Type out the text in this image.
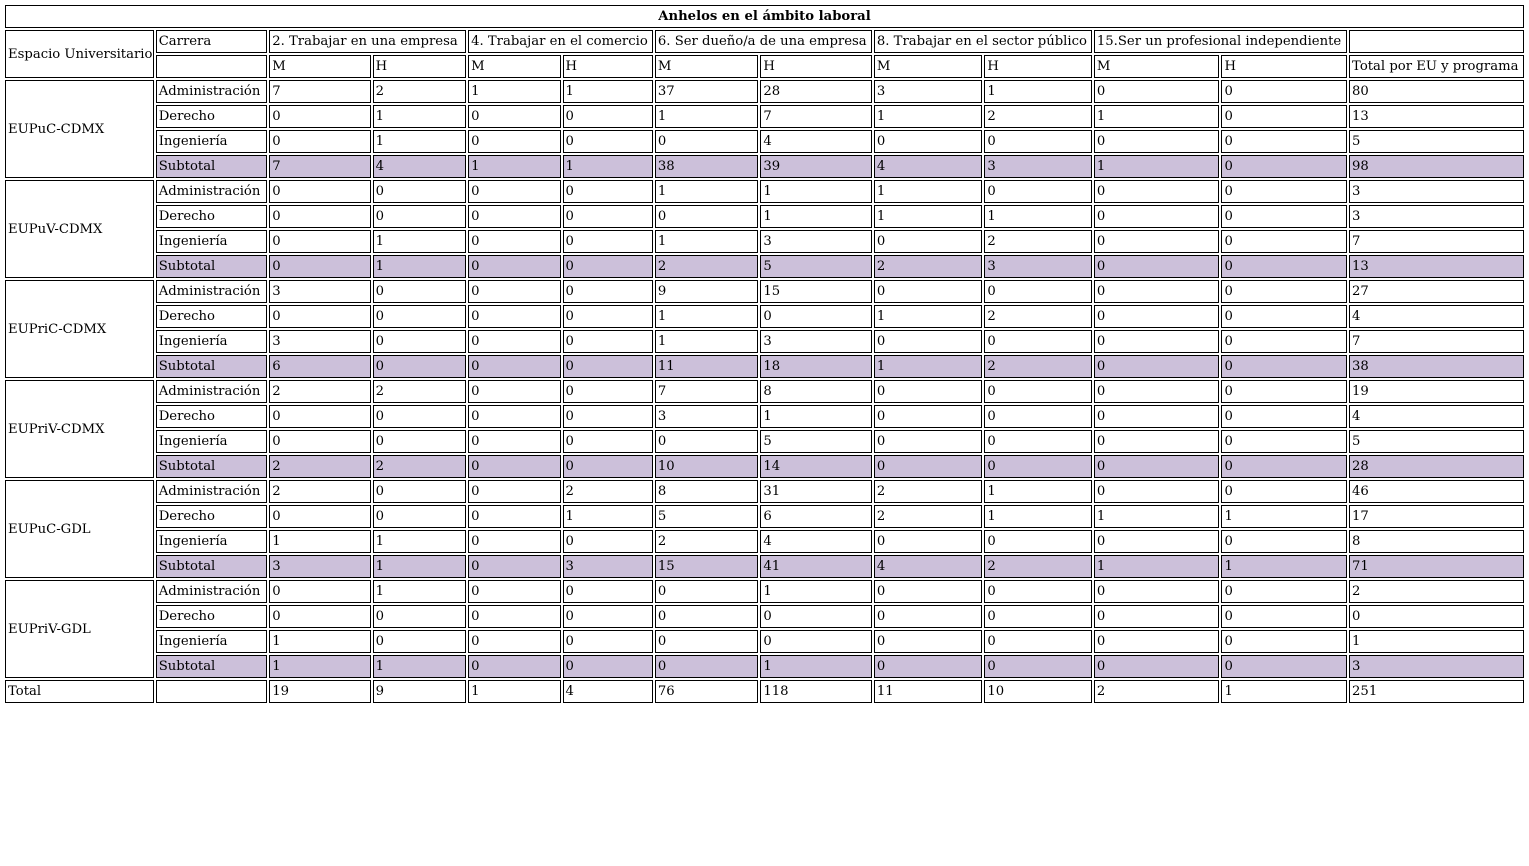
Anhelos en el ámbito laboral												
Espacio Universitario	Carrera	2. Trabajar en una empresa		4. Trabajar en el comercio		6. Ser dueño/a de una empresa		8. Trabajar en el sector público		15.Ser un profesional independiente		
		M	H	M	H	M	H	M	H	M	H	Total por EU y programa
EUPuC-CDMX	Administración	7	2	1	1	37	28	3	1	0	0	80
	Derecho	0	1	0	0	1	7	1	2	1	0	13
	Ingeniería	0	1	0	0	0	4	0	0	0	0	5
	Subtotal	7	4	1	1	38	39	4	3	1	0	98
EUPuV-CDMX	Administración	0	0	0	0	1	1	1	0	0	0	3
	Derecho	0	0	0	0	0	1	1	1	0	0	3
	Ingeniería	0	1	0	0	1	3	0	2	0	0	7
	Subtotal	0	1	0	0	2	5	2	3	0	0	13
EUPriC-CDMX	Administración	3	0	0	0	9	15	0	0	0	0	27
	Derecho	0	0	0	0	1	0	1	2	0	0	4
	Ingeniería	3	0	0	0	1	3	0	0	0	0	7
	Subtotal	6	0	0	0	11	18	1	2	0	0	38
EUPriV-CDMX	Administración	2	2	0	0	7	8	0	0	0	0	19
	Derecho	0	0	0	0	3	1	0	0	0	0	4
	Ingeniería	0	0	0	0	0	5	0	0	0	0	5
	Subtotal	2	2	0	0	10	14	0	0	0	0	28
EUPuC-GDL	Administración	2	0	0	2	8	31	2	1	0	0	46
	Derecho	0	0	0	1	5	6	2	1	1	1	17
	Ingeniería	1	1	0	0	2	4	0	0	0	0	8
	Subtotal	3	1	0	3	15	41	4	2	1	1	71
EUPriV-GDL	Administración	0	1	0	0	0	1	0	0	0	0	2
	Derecho	0	0	0	0	0	0	0	0	0	0	0
	Ingeniería	1	0	0	0	0	0	0	0	0	0	1
	Subtotal	1	1	0	0	0	1	0	0	0	0	3
Total		19	9	1	4	76	118	11	10	2	1	251
